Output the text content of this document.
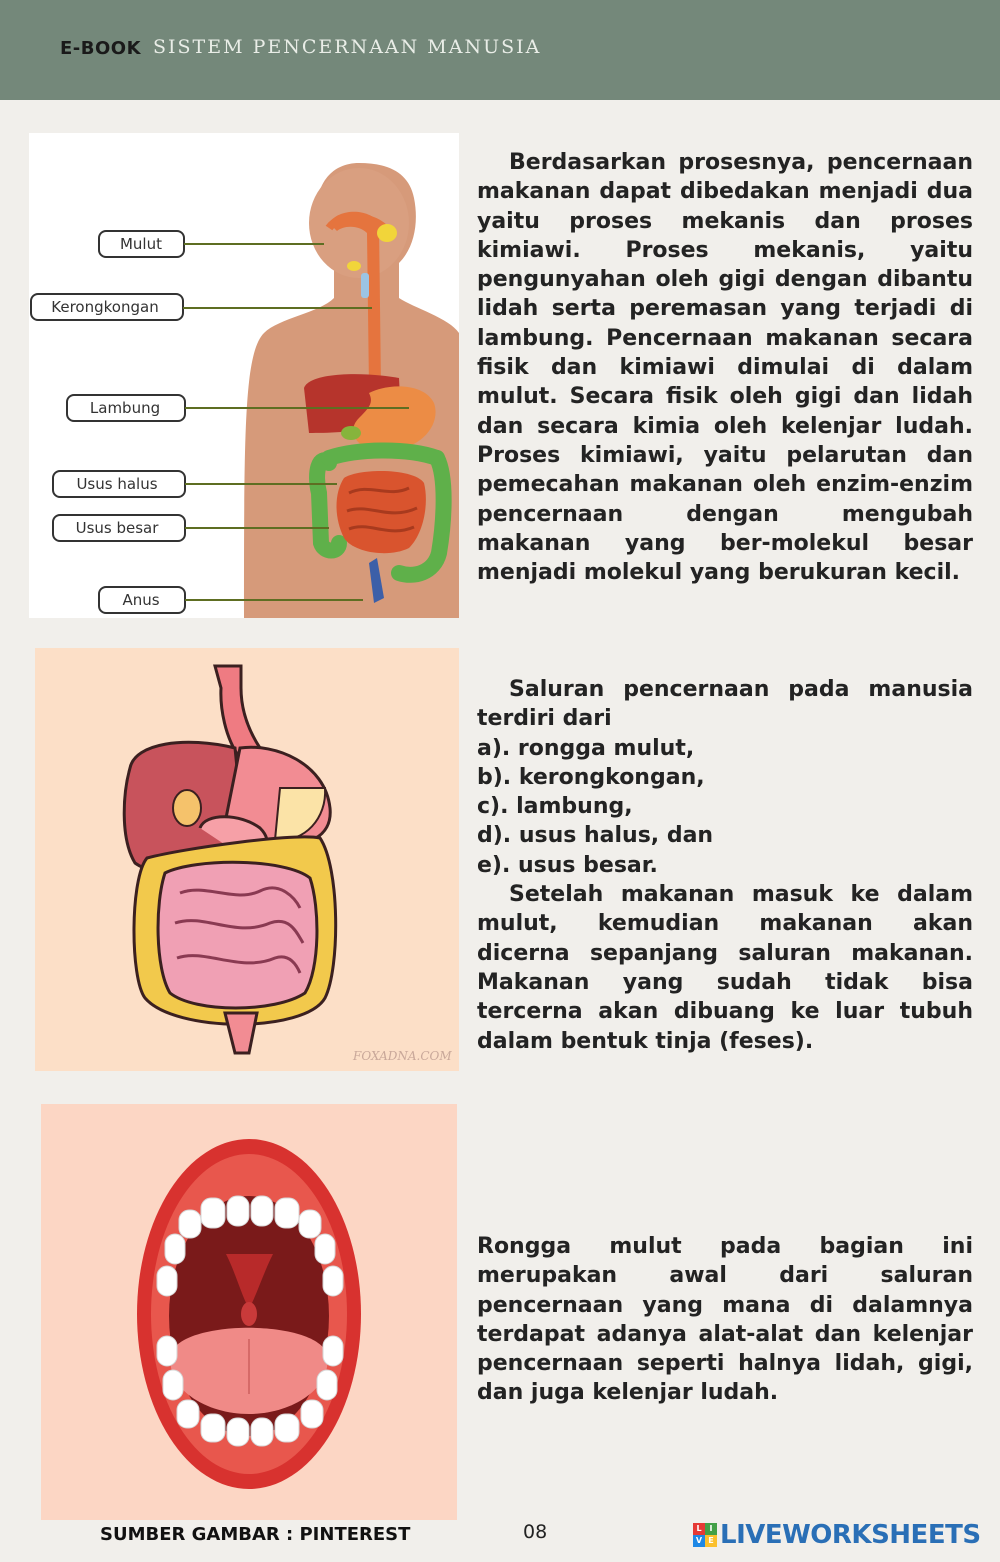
E-BOOK SISTEM PENCERNAAN MANUSIA
Mulut
Kerongkongan
Lambung
Usus halus
Usus besar
Anus
FOXADNA.COM

Berdasarkan prosesnya, pencernaan makanan dapat dibedakan menjadi dua yaitu proses mekanis dan proses kimiawi. Proses mekanis, yaitu pengunyahan oleh gigi dengan dibantu lidah serta peremasan yang terjadi di lambung. Pencernaan makanan secara fisik dan kimiawi dimulai di dalam mulut. Secara fisik oleh gigi dan lidah dan secara kimia oleh kelenjar ludah. Proses kimiawi, yaitu pelarutan dan pemecahan makanan oleh enzim-enzim pencernaan dengan mengubah makanan yang ber-molekul besar menjadi molekul yang berukuran kecil.

Saluran pencernaan pada manusia terdiri dari

a). rongga mulut,

b). kerongkongan,

c). lambung,

d). usus halus, dan

e). usus besar.

Setelah makanan masuk ke dalam mulut, kemudian makanan akan dicerna sepanjang saluran makanan. Makanan yang sudah tidak bisa tercerna akan dibuang ke luar tubuh dalam bentuk tinja (feses).

Rongga mulut pada bagian ini merupakan awal dari saluran pencernaan yang mana di dalamnya terdapat adanya alat-alat dan kelenjar pencernaan seperti halnya lidah, gigi, dan juga kelenjar ludah.

SUMBER GAMBAR : PINTEREST	08	L I
V E LIVEWORKSHEETS
